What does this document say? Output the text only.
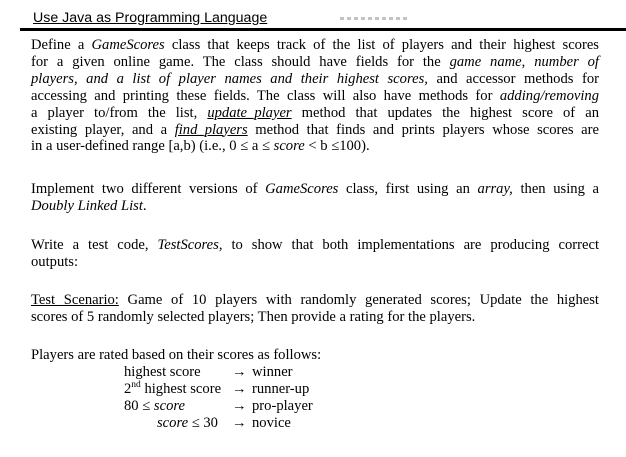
Use Java as Programming Language
Define a GameScores class that keeps track of the list of players and their highest scores
for a given online game. The class should have fields for the game name, number of
players, and a list of player names and their highest scores, and accessor methods for
accessing and printing these fields. The class will also have methods for adding/removing
a player to/from the list, update_player method that updates the highest score of an
existing player, and a find_players method that finds and prints players whose scores are
in a user-defined range [a,b) (i.e., 0 ≤ a ≤ score < b ≤100).
Implement two different versions of GameScores class, first using an array, then using a
Doubly Linked List.
Write a test code, TestScores, to show that both implementations are producing correct
outputs:
Test Scenario: Game of 10 players with randomly generated scores; Update the highest
scores of 5 randomly selected players; Then provide a rating for the players.
Players are rated based on their scores as follows:
highest score → winner
2nd highest score → runner-up
80 ≤ score	→ pro-player
score ≤ 30 → novice
